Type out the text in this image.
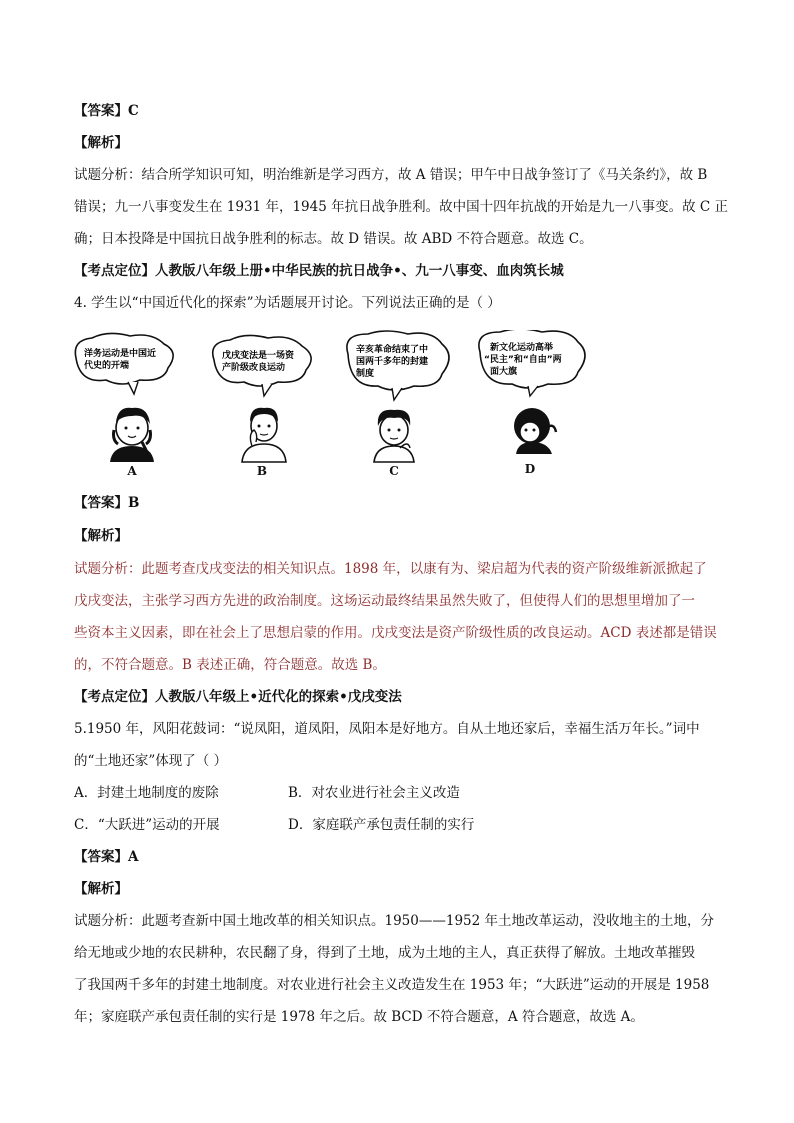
【答案】C
【解析】
试题分析：结合所学知识可知，明治维新是学习西方，故 A 错误；甲午中日战争签订了《马关条约》，故 B
错误；九一八事变发生在 1931 年，1945 年抗日战争胜利。故中国十四年抗战的开始是九一八事变。故 C 正
确；日本投降是中国抗日战争胜利的标志。故 D 错误。故 ABD 不符合题意。故选 C。
【考点定位】人教版八年级上册•中华民族的抗日战争•、九一八事变、血肉筑长城
4. 学生以“中国近代化的探索”为话题展开讨论。下列说法正确的是（ ）
洋务运动是中国近
代史的开端
A
戊戌变法是一场资
产阶级改良运动
B
辛亥革命结束了中
国两千多年的封建
制度
C
新文化运动高举
“民主”和“自由”两
面大旗
D
【答案】B
【解析】
试题分析：此题考查戊戌变法的相关知识点。1898 年，以康有为、梁启超为代表的资产阶级维新派掀起了
戊戌变法，主张学习西方先进的政治制度。这场运动最终结果虽然失败了，但使得人们的思想里增加了一
些资本主义因素，即在社会上了思想启蒙的作用。戊戌变法是资产阶级性质的改良运动。ACD 表述都是错误
的，不符合题意。B 表述正确，符合题意。故选 B。
【考点定位】人教版八年级上•近代化的探索•戊戌变法
5.1950 年，风阳花鼓词：“说凤阳，道凤阳，凤阳本是好地方。自从土地还家后，幸福生活万年长。”词中
的“土地还家”体现了（ ）
A．封建土地制度的废除	B．对农业进行社会主义改造
C．“大跃进”运动的开展	D．家庭联产承包责任制的实行
【答案】A
【解析】
试题分析：此题考查新中国土地改革的相关知识点。1950——1952 年土地改革运动，没收地主的土地，分
给无地或少地的农民耕种，农民翻了身，得到了土地，成为土地的主人，真正获得了解放。土地改革摧毁
了我国两千多年的封建土地制度。对农业进行社会主义改造发生在 1953 年；“大跃进”运动的开展是 1958
年；家庭联产承包责任制的实行是 1978 年之后。故 BCD 不符合题意，A 符合题意，故选 A。
